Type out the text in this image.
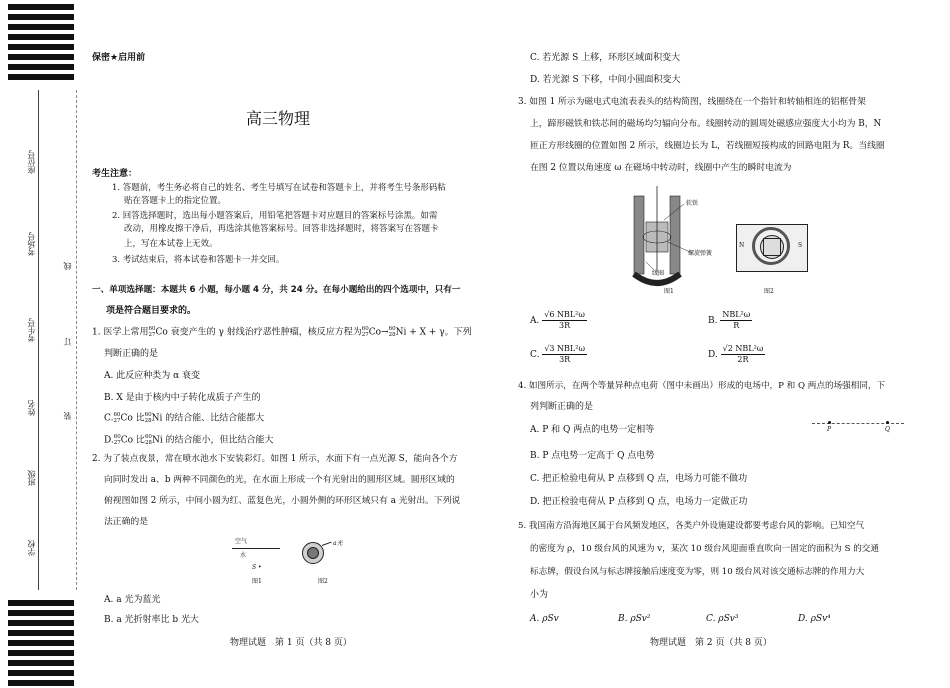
学校
班级
姓名
考生号
考场号
座位号
线
订
装
保密★启用前
高三物理
考生注意：
1. 答题前，考生务必将自己的姓名、考生号填写在试卷和答题卡上，并将考生号条形码粘
贴在答题卡上的指定位置。
2. 回答选择题时，选出每小题答案后，用铅笔把答题卡对应题目的答案标号涂黑。如需
改动，用橡皮擦干净后，再选涂其他答案标号。回答非选择题时，将答案写在答题卡
上，写在本试卷上无效。
3. 考试结束后，将本试卷和答题卡一并交回。
一、单项选择题：本题共 6 小题，每小题 4 分，共 24 分。在每小题给出的四个选项中，只有一
项是符合题目要求的。
1. 医学上常用60
27Co 衰变产生的 γ 射线治疗恶性肿瘤，核反应方程为60
27Co→60
28Ni + X + γ。下列
判断正确的是
A. 此反应种类为 α 衰变
B. X 是由于核内中子转化成质子产生的
C.60
27Co 比60
28Ni 的结合能、比结合能都大
D.60
27Co 比60
28Ni 的结合能小，但比结合能大
2. 为了装点夜景，常在喷水池水下安装彩灯。如图 1 所示，水面下有一点光源 S，能向各个方
向同时发出 a、b 两种不同颜色的光，在水面上形成一个有光射出的圆形区域。圆形区域的
俯视图如图 2 所示，中间小圆为红、蓝复色光，小圆外侧的环形区域只有 a 光射出。下列说
法正确的是
空气
水
S •
图1
a光
图2
A. a 光为蓝光
B. a 光折射率比 b 光大
物理试题　第 1 页（共 8 页）
C. 若光源 S 上移，环形区域面积变大
D. 若光源 S 下移，中间小圆面积变大
3. 如图 1 所示为磁电式电流表表头的结构简图，线圈绕在一个指针和转轴相连的铝框骨架
上，蹄形磁铁和铁芯间的磁场均匀辐向分布。线圈转动的圆周处磁感应强度大小均为 B，N
匝正方形线圈的位置如图 2 所示，线圈边长为 L，若线圈短接构成的回路电阻为 R。当线圈
在图 2 位置以角速度 ω 在磁场中转动时，线圈中产生的瞬时电流为
软铁
螺旋弹簧
线圈
图1
N	S
图2
A. $\frac{\text{√6 NBL²ω}}{3R}$	B. $\frac{\text{NBL²ω}}{R}$
C. $\frac{\text{√3 NBL²ω}}{3R}$	D. $\frac{\text{√2 NBL²ω}}{2R}$
4. 如图所示，在两个等量异种点电荷（图中未画出）形成的电场中，P 和 Q 两点的场强相同，下
列判断正确的是
A. P 和 Q 两点的电势一定相等	P	Q
B. P 点电势一定高于 Q 点电势
C. 把正检验电荷从 P 点移到 Q 点，电场力可能不做功
D. 把正检验电荷从 P 点移到 Q 点，电场力一定做正功
5. 我国南方沿海地区属于台风频发地区，各类户外设施建设都要考虑台风的影响。已知空气
的密度为 ρ，10 级台风的风速为 v，某次 10 级台风迎面垂直吹向一固定的面积为 S 的交通
标志牌，假设台风与标志牌接触后速度变为零，则 10 级台风对该交通标志牌的作用力大
小为
A. ρSv	B. ρSv²	C. ρSv³	D. ρSv⁴
物理试题　第 2 页（共 8 页）
